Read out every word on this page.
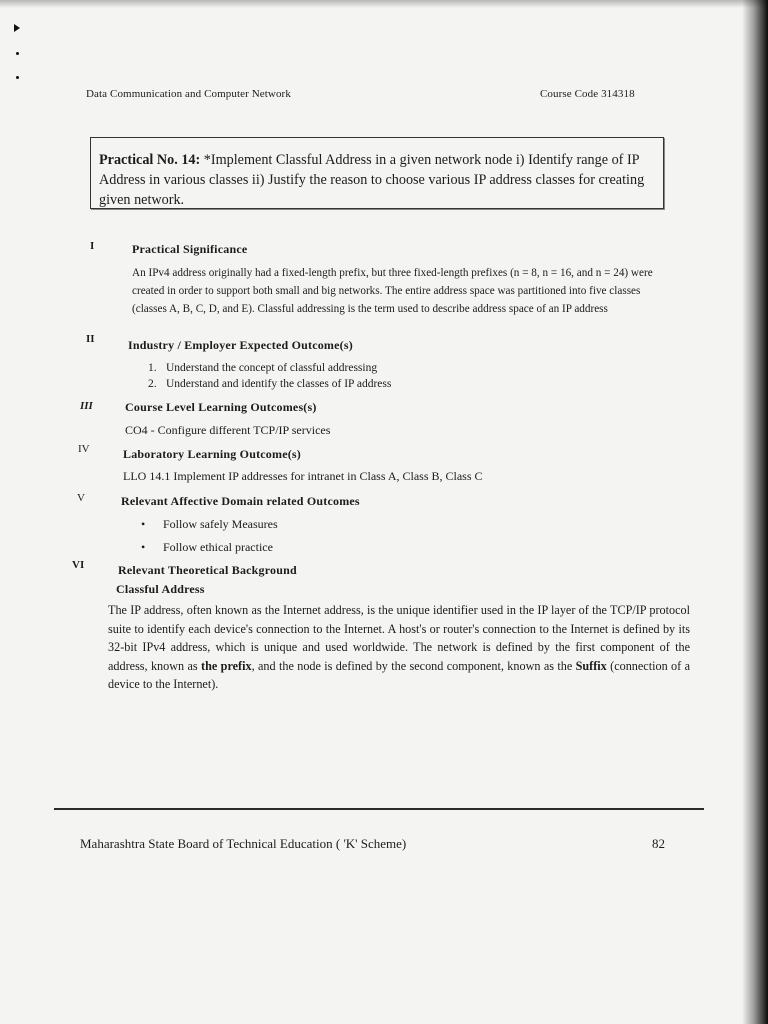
Data Communication and Computer Network	Course Code 314318
Practical No. 14: *Implement Classful Address in a given network node i) Identify range of IP Address in various classes ii) Justify the reason to choose various IP address classes for creating given network.
I	Practical Significance
An IPv4 address originally had a fixed-length prefix, but three fixed-length prefixes (n = 8, n = 16, and n = 24) were created in order to support both small and big networks. The entire address space was partitioned into five classes (classes A, B, C, D, and E). Classful addressing is the term used to describe address space of an IP address
II	Industry / Employer Expected Outcome(s)
1. Understand the concept of classful addressing
2. Understand and identify the classes of IP address
III	Course Level Learning Outcomes(s)
CO4 - Configure different TCP/IP services
IV	Laboratory Learning Outcome(s)
LLO 14.1 Implement IP addresses for intranet in Class A, Class B, Class C
V	Relevant Affective Domain related Outcomes
• Follow safely Measures
• Follow ethical practice
VI	Relevant Theoretical Background
Classful Address
The IP address, often known as the Internet address, is the unique identifier used in the IP layer of the TCP/IP protocol suite to identify each device's connection to the Internet. A host's or router's connection to the Internet is defined by its 32-bit IPv4 address, which is unique and used worldwide. The network is defined by the first component of the address, known as the prefix, and the node is defined by the second component, known as the Suffix (connection of a device to the Internet).
Maharashtra State Board of Technical Education ( 'K' Scheme)	82
